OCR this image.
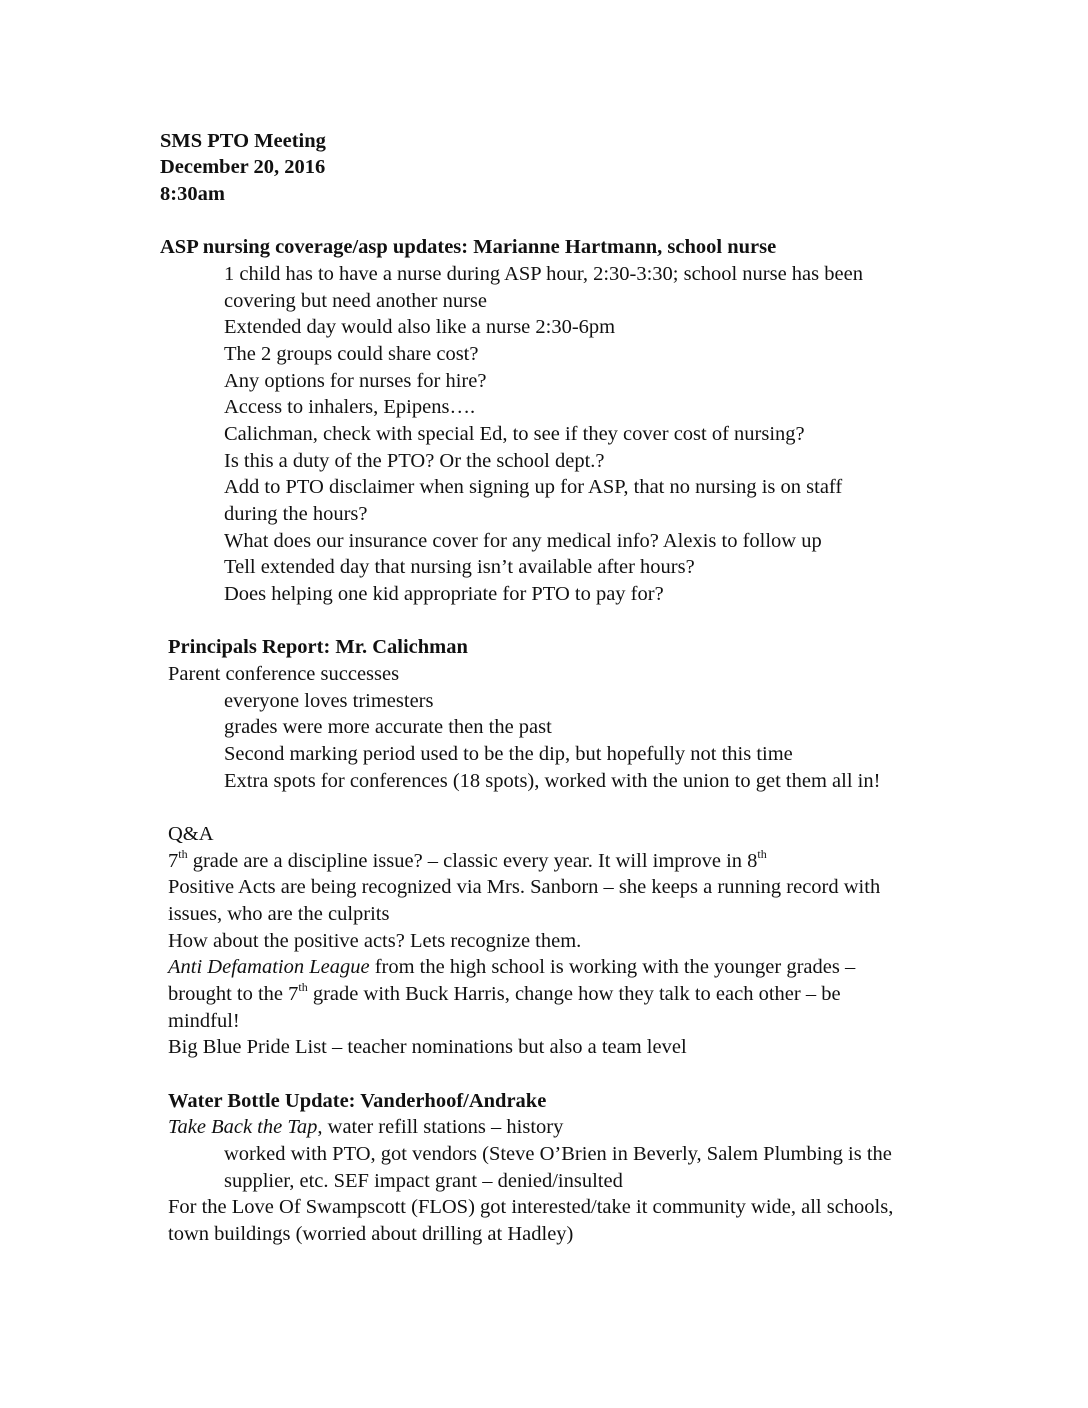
SMS PTO Meeting
December 20, 2016
8:30am
ASP nursing coverage/asp updates: Marianne Hartmann, school nurse
1 child has to have a nurse during ASP hour, 2:30-3:30; school nurse has been
covering but need another nurse
Extended day would also like a nurse 2:30-6pm
The 2 groups could share cost?
Any options for nurses for hire?
Access to inhalers, Epipens….
Calichman, check with special Ed, to see if they cover cost of nursing?
Is this a duty of the PTO? Or the school dept.?
Add to PTO disclaimer when signing up for ASP, that no nursing is on staff
during the hours?
What does our insurance cover for any medical info? Alexis to follow up
Tell extended day that nursing isn’t available after hours?
Does helping one kid appropriate for PTO to pay for?
Principals Report: Mr. Calichman
Parent conference successes
everyone loves trimesters
grades were more accurate then the past
Second marking period used to be the dip, but hopefully not this time
Extra spots for conferences (18 spots), worked with the union to get them all in!
Q&A
7th grade are a discipline issue? – classic every year. It will improve in 8th
Positive Acts are being recognized via Mrs. Sanborn – she keeps a running record with
issues, who are the culprits
How about the positive acts? Lets recognize them.
Anti Defamation League from the high school is working with the younger grades –
brought to the 7th grade with Buck Harris, change how they talk to each other – be
mindful!
Big Blue Pride List – teacher nominations but also a team level
Water Bottle Update: Vanderhoof/Andrake
Take Back the Tap, water refill stations – history
worked with PTO, got vendors (Steve O’Brien in Beverly, Salem Plumbing is the
supplier, etc. SEF impact grant – denied/insulted
For the Love Of Swampscott (FLOS) got interested/take it community wide, all schools,
town buildings (worried about drilling at Hadley)
